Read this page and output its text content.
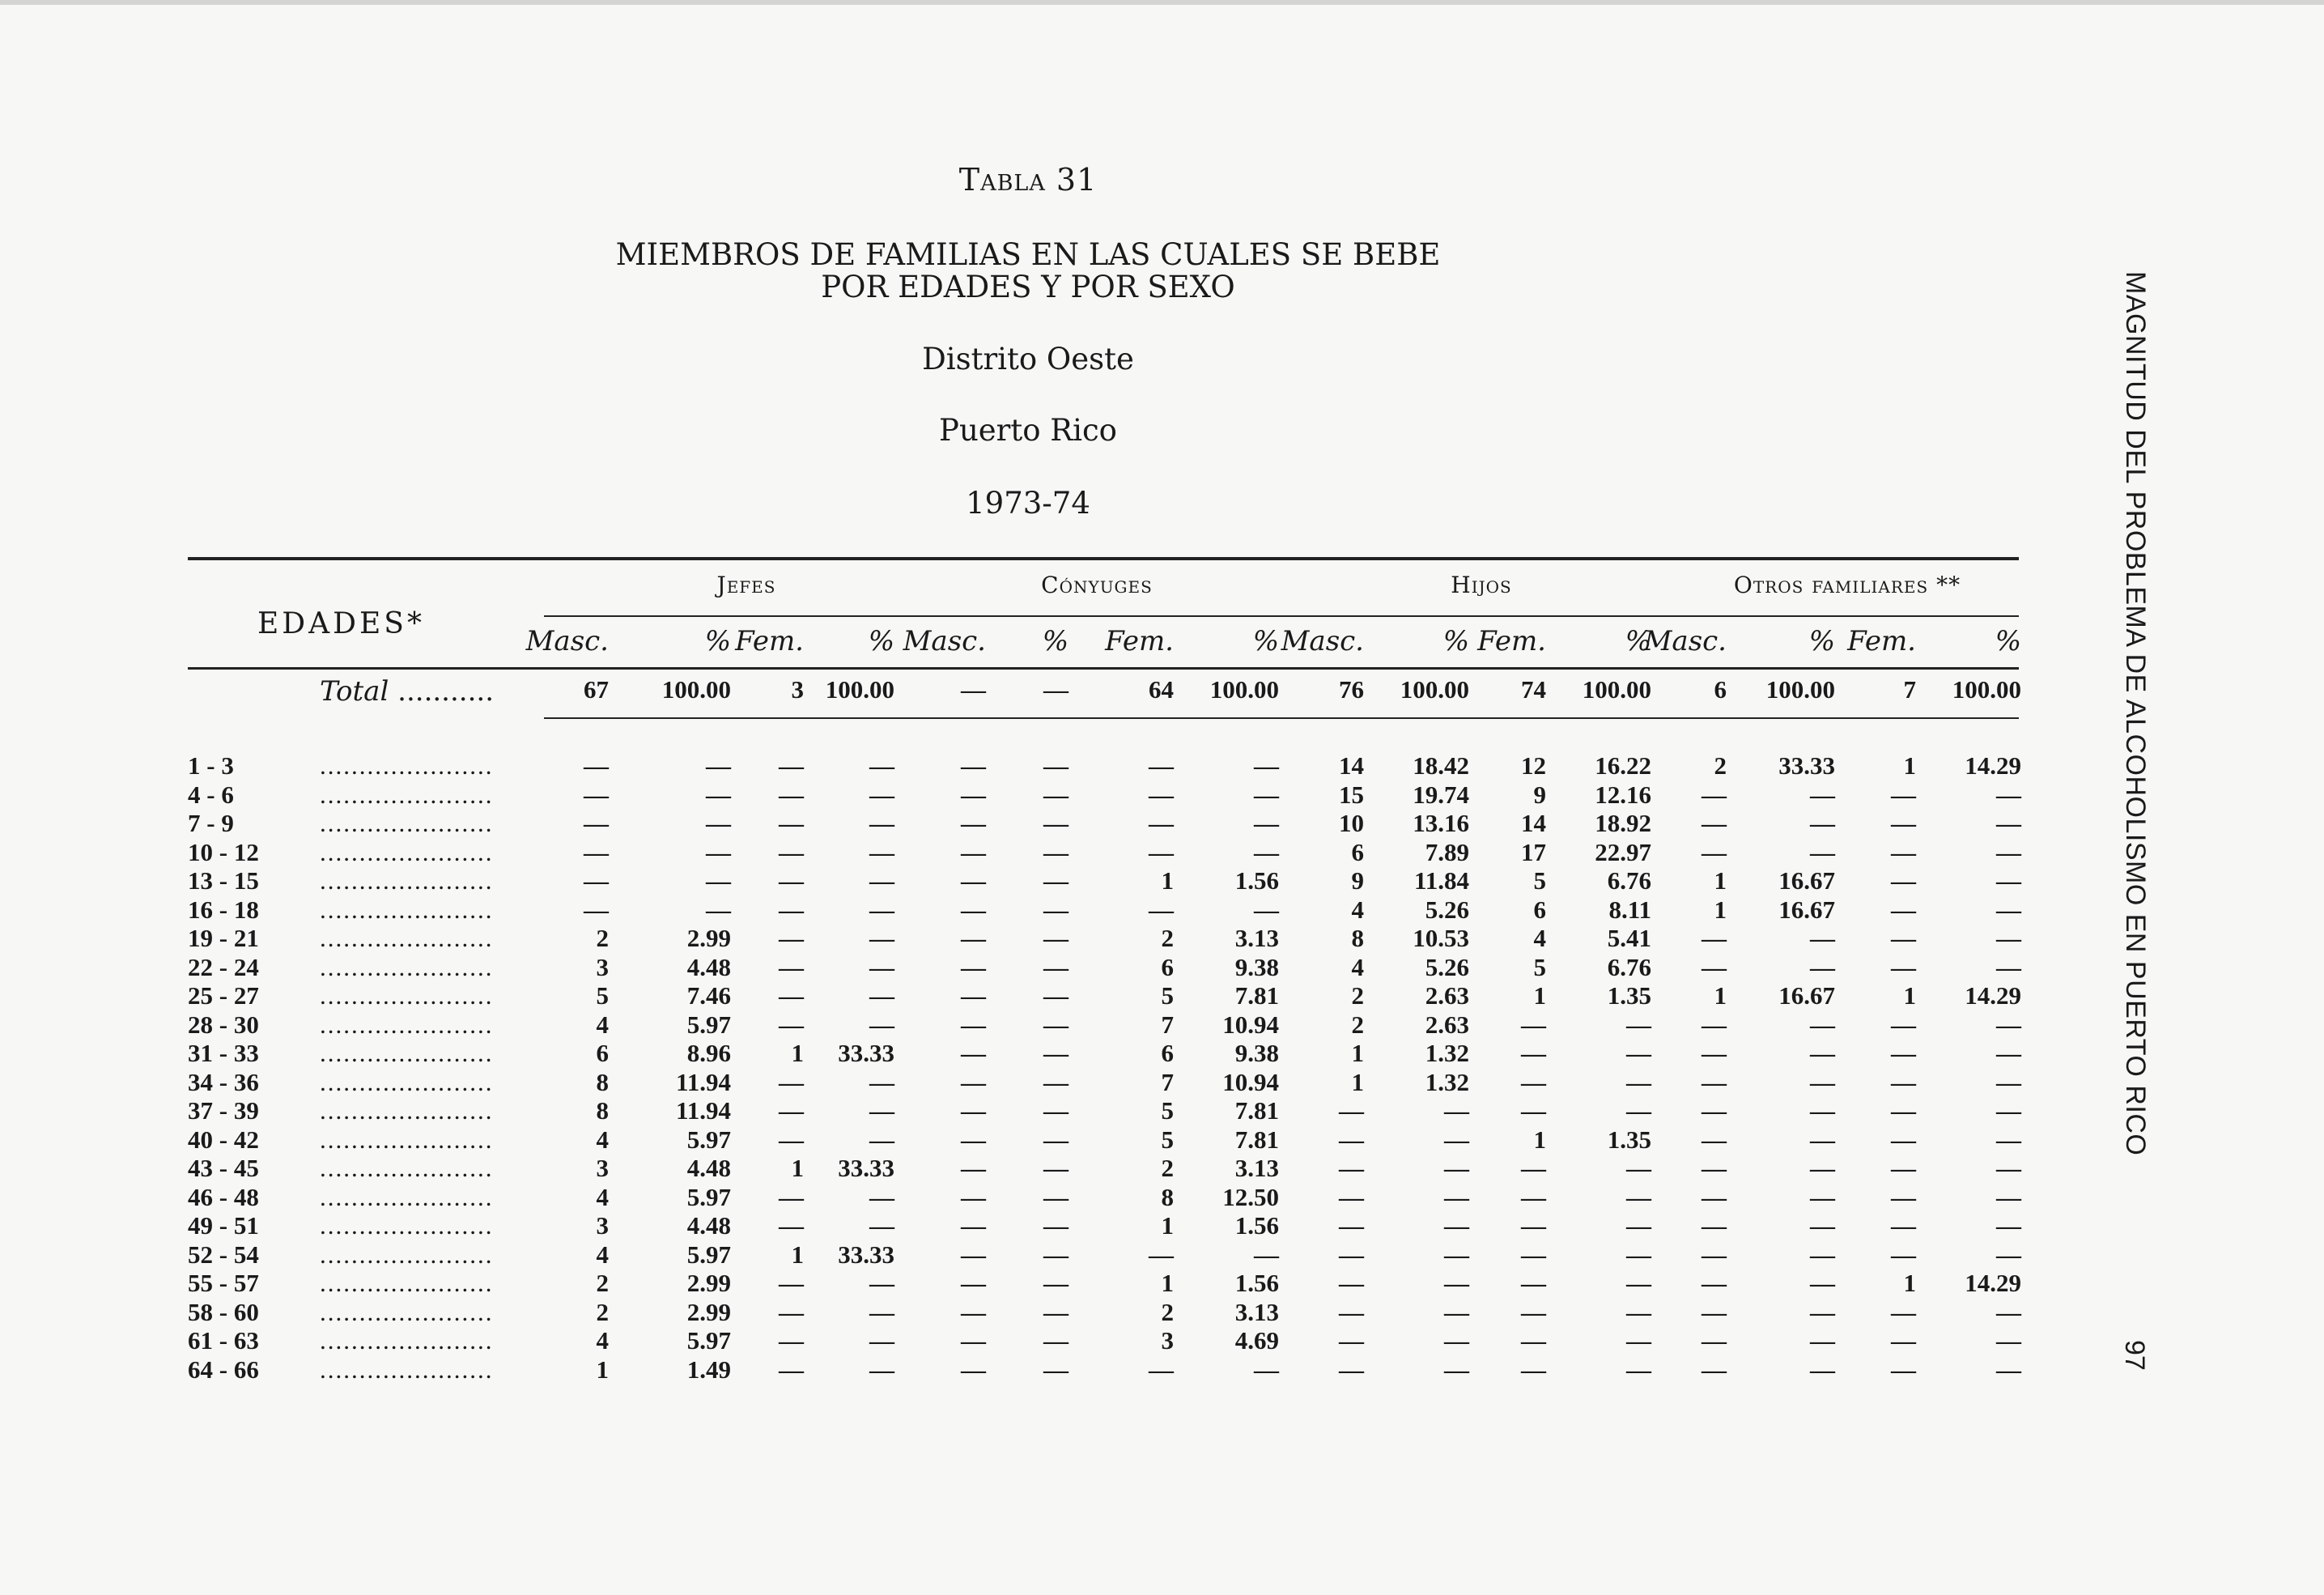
Tabla 31
MIEMBROS DE FAMILIAS EN LAS CUALES SE BEBE
POR EDADES Y POR SEXO
Distrito Oeste
Puerto Rico
1973-74
Jefes	Cónyuges	Hijos	Otros familiares **
EDADES*
Masc.	% Fem.	% Masc.	%	Fem.	% Masc.	% Fem.	%
Masc.	% Fem.	%
Total ...........	67	100.00	3 100.00	—	—	64	100.00	76	100.00	74	100.00	6	100.00	7	100.00
1 - 3	......................	—	—	—	—	—	—	—	—	14	18.42	12	16.22	2	33.33	1	14.29
4 - 6	......................	—	—	—	—	—	—	—	—	15	19.74	9	12.16	—	—	—	—
7 - 9	......................	—	—	—	—	—	—	—	—	10	13.16	14	18.92	—	—	—	—
10 - 12 ......................	—	—	—	—	—	—	—	—	6	7.89	17	22.97	—	—	—	—
13 - 15 ......................	—	—	—	—	—	—	1	1.56	9	11.84	5	6.76	1	16.67	—	—
16 - 18 ......................	—	—	—	—	—	—	—	—	4	5.26	6	8.11	1	16.67	—	—
19 - 21 ......................	2	2.99	—	—	—	—	2	3.13	8	10.53	4	5.41	—	—	—	—
22 - 24 ......................	3	4.48	—	—	—	—	6	9.38	4	5.26	5	6.76	—	—	—	—
25 - 27 ......................	5	7.46	—	—	—	—	5	7.81	2	2.63	1	1.35	1	16.67	1	14.29
28 - 30 ......................	4	5.97	—	—	—	—	7	10.94	2	2.63	—	—	—	—	—	—
31 - 33 ......................	6	8.96	1	33.33	—	—	6	9.38	1	1.32	—	—	—	—	—	—
34 - 36 ......................	8	11.94	—	—	—	—	7	10.94	1	1.32	—	—	—	—	—	—
37 - 39 ......................	8	11.94	—	—	—	—	5	7.81	—	—	—	—	—	—	—	—
40 - 42 ......................	4	5.97	—	—	—	—	5	7.81	—	—	1	1.35	—	—	—	—
43 - 45 ......................	3	4.48	1	33.33	—	—	2	3.13	—	—	—	—	—	—	—	—
46 - 48 ......................	4	5.97	—	—	—	—	8	12.50	—	—	—	—	—	—	—	—
49 - 51 ......................	3	4.48	—	—	—	—	1	1.56	—	—	—	—	—	—	—	—
52 - 54 ......................	4	5.97	1	33.33	—	—	—	—	—	—	—	—	—	—	—	—
55 - 57 ......................	2	2.99	—	—	—	—	1	1.56	—	—	—	—	—	—	1	14.29
58 - 60 ......................	2	2.99	—	—	—	—	2	3.13	—	—	—	—	—	—	—	—
61 - 63 ......................	4	5.97	—	—	—	—	3	4.69	—	—	—	—	—	—	—	—
64 - 66 ......................	1	1.49	—	—	—	—	—	—	—	—	—	—	—	—	—	—
MAGNITUD DEL PROBLEMA DE ALCOHOLISMO EN PUERTO RICO
97
